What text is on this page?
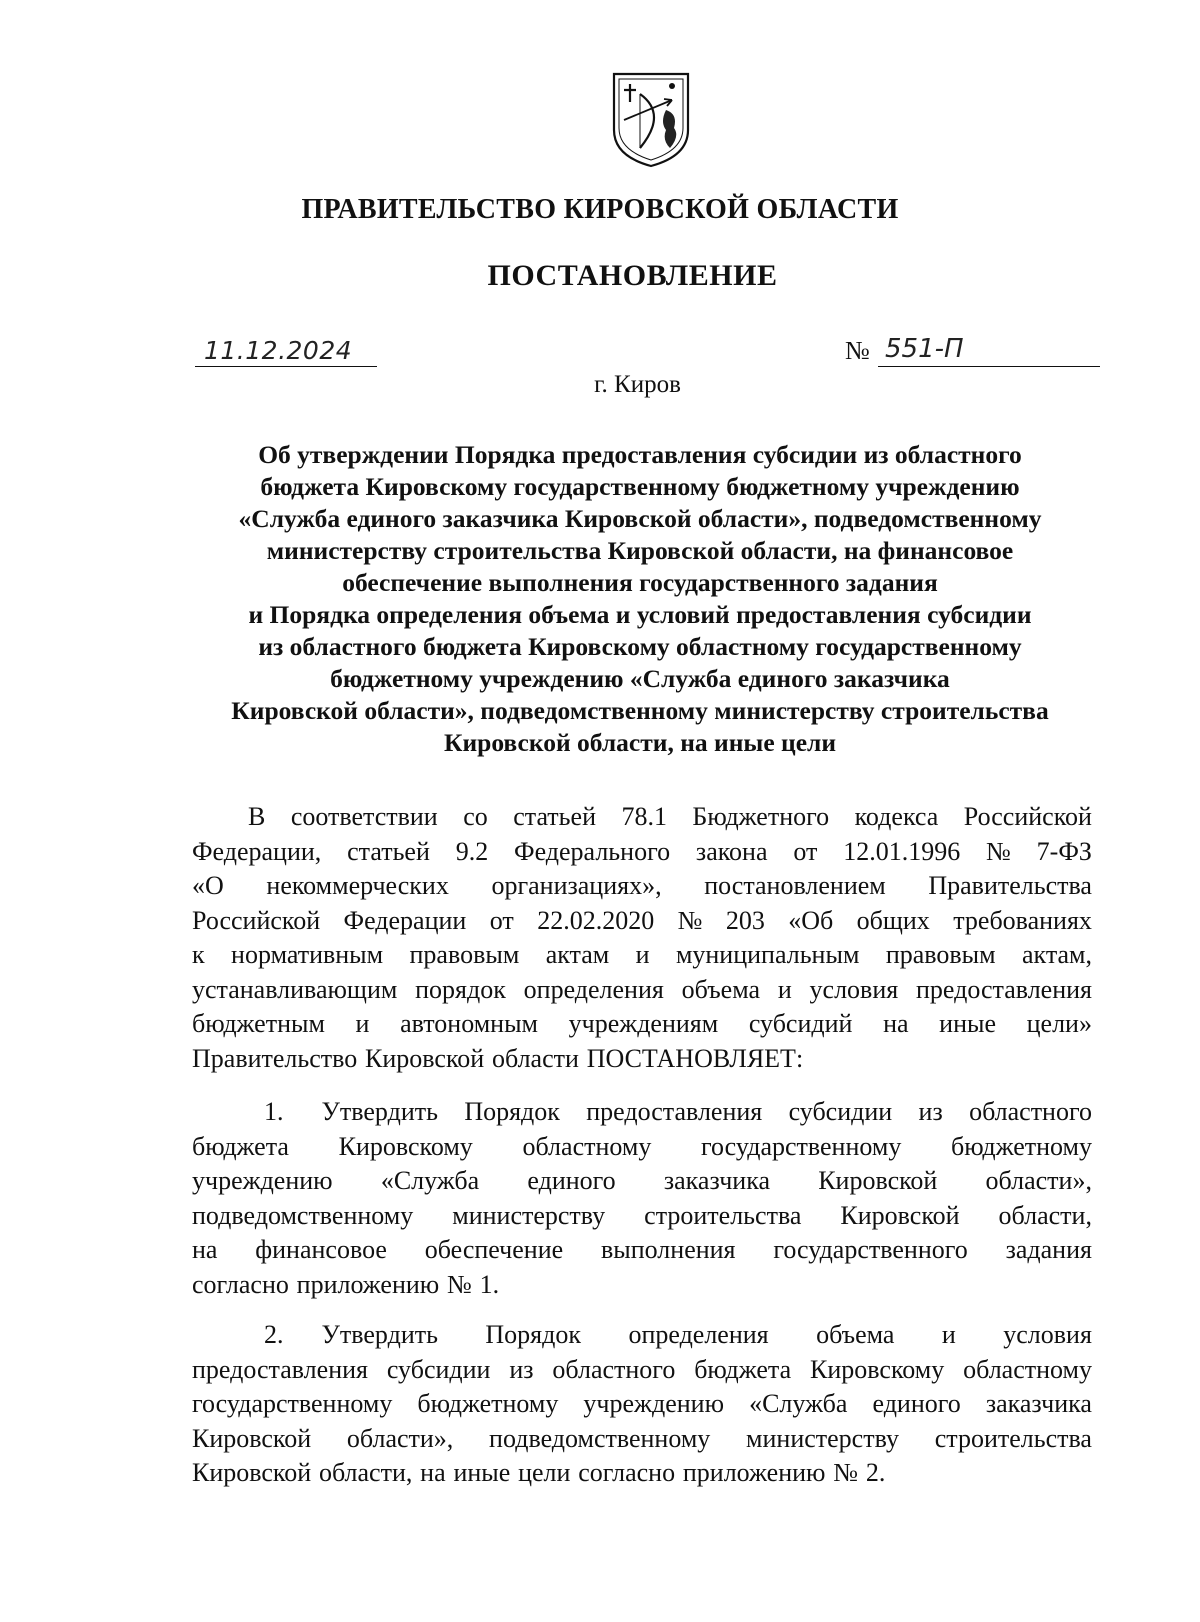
ПРАВИТЕЛЬСТВО КИРОВСКОЙ ОБЛАСТИ
ПОСТАНОВЛЕНИЕ
11.12.2024	№ 551-П
г. Киров
Об утверждении Порядка предоставления субсидии из областного
бюджета Кировскому государственному бюджетному учреждению
«Служба единого заказчика Кировской области», подведомственному
министерству строительства Кировской области, на финансовое
обеспечение выполнения государственного задания
и Порядка определения объема и условий предоставления субсидии
из областного бюджета Кировскому областному государственному
бюджетному учреждению «Служба единого заказчика
Кировской области», подведомственному министерству строительства
Кировской области, на иные цели
В соответствии со статьей 78.1 Бюджетного кодекса Российской
Федерации, статьей 9.2 Федерального закона от 12.01.1996 № 7-ФЗ
«О некоммерческих организациях», постановлением Правительства
Российской Федерации от 22.02.2020 № 203 «Об общих требованиях
к нормативным правовым актам и муниципальным правовым актам,
устанавливающим порядок определения объема и условия предоставления
бюджетным и автономным учреждениям субсидий на иные цели»
Правительство Кировской области ПОСТАНОВЛЯЕТ:
1. Утвердить Порядок предоставления субсидии из областного
бюджета Кировскому областному государственному бюджетному
учреждению «Служба единого заказчика Кировской области»,
подведомственному министерству строительства Кировской области,
на финансовое обеспечение выполнения государственного задания
согласно приложению № 1.
2. Утвердить Порядок определения объема и условия
предоставления субсидии из областного бюджета Кировскому областному
государственному бюджетному учреждению «Служба единого заказчика
Кировской области», подведомственному министерству строительства
Кировской области, на иные цели согласно приложению № 2.
